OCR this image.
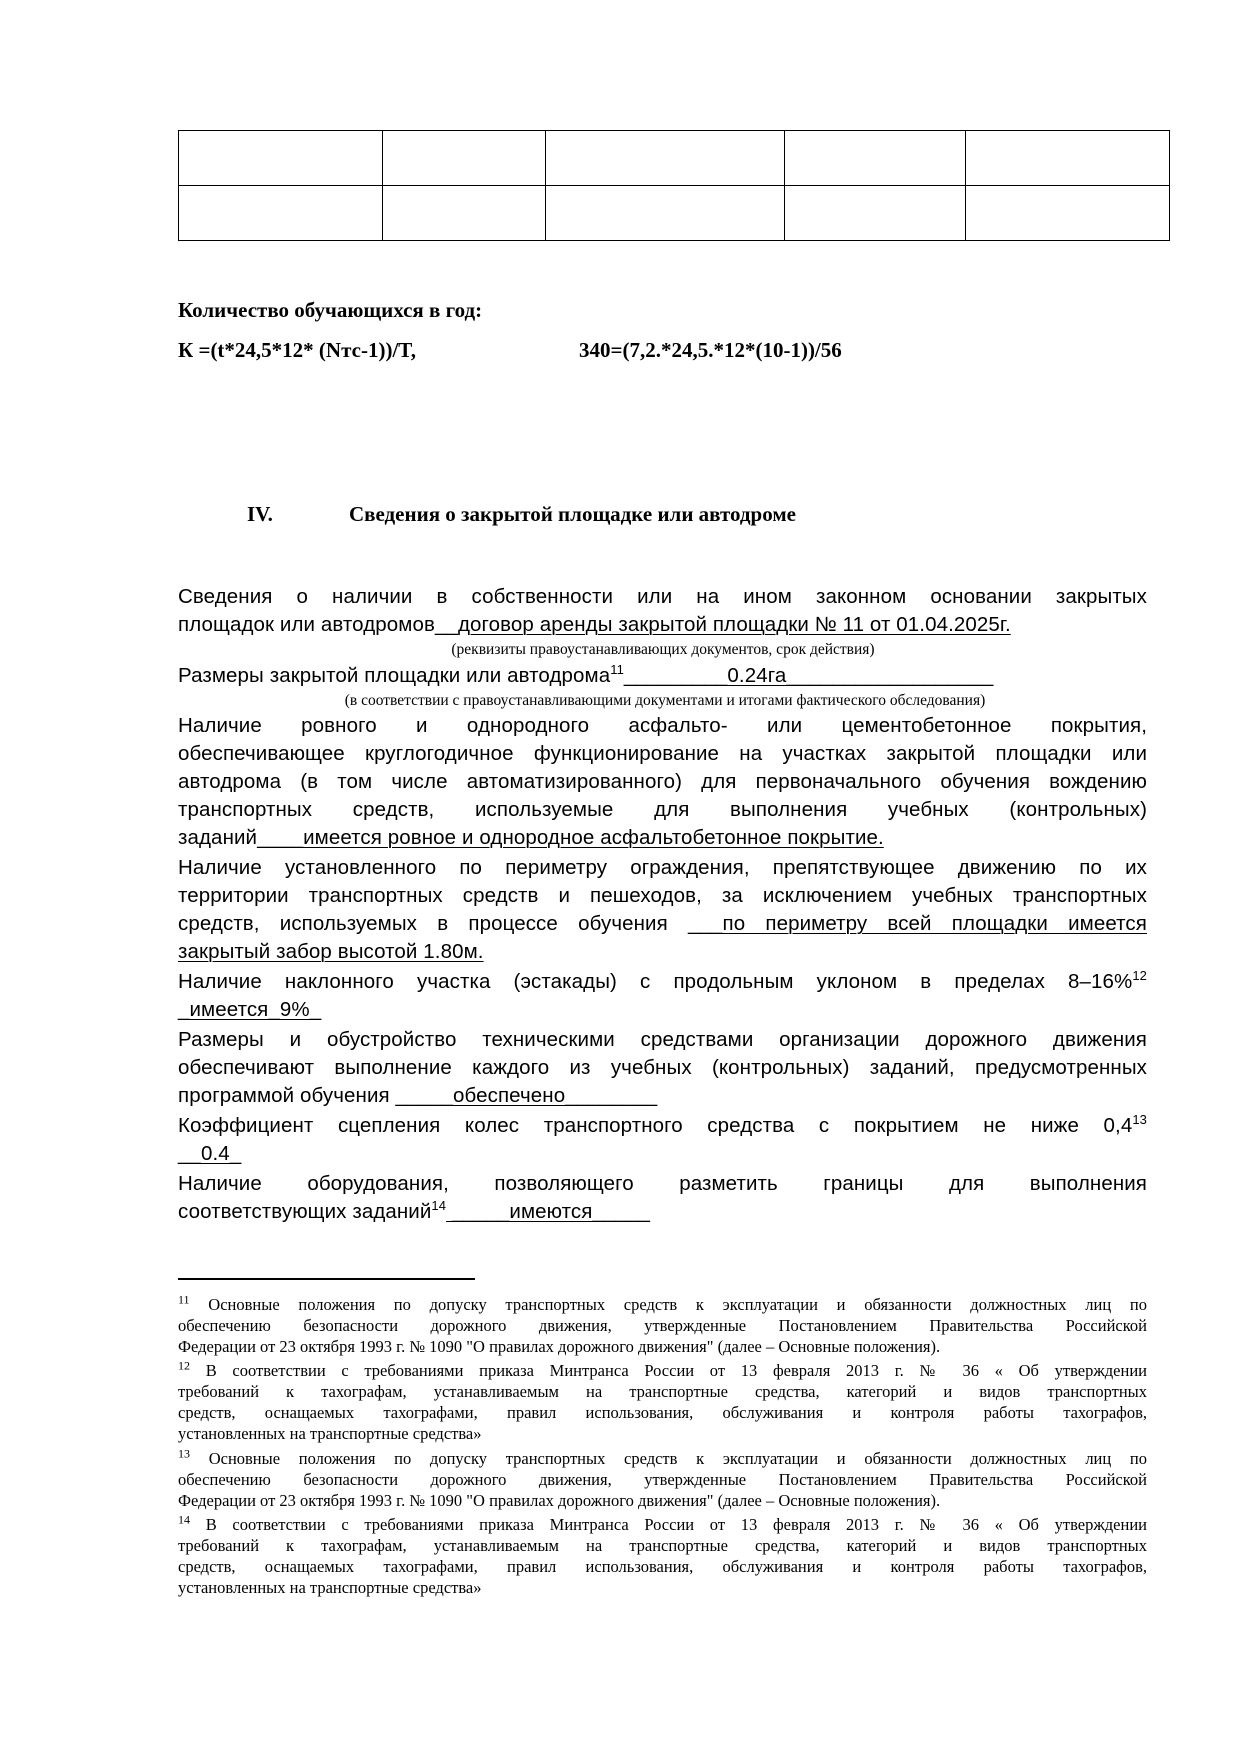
Количество обучающихся в год:
К =(t*24,5*12* (Nтс-1))/T,	340=(7,2.*24,5.*12*(10-1))/56
IV.	Сведения о закрытой площадке или автодроме
Сведения о наличии в собственности или на ином законном основании закрытых
площадок или автодромов__договор аренды закрытой площадки № 11 от 01.04.2025г.
(реквизиты правоустанавливающих документов, срок действия)
Размеры закрытой площадки или автодрома$^{11}$_________0.24га__________________
(в соответствии с правоустанавливающими документами и итогами фактического обследования)
Наличие ровного и однородного асфальто- или цементобетонное покрытия,
обеспечивающее круглогодичное функционирование на участках закрытой площадки или
автодрома (в том числе автоматизированного) для первоначального обучения вождению
транспортных средств, используемые для выполнения учебных (контрольных)
заданий____имеется ровное и однородное асфальтобетонное покрытие.
Наличие установленного по периметру ограждения, препятствующее движению по их
территории транспортных средств и пешеходов, за исключением учебных транспортных
средств, используемых в процессе обучения ___по периметру всей площадки имеется
закрытый забор высотой 1.80м.
Наличие наклонного участка (эстакады) с продольным уклоном в пределах 8–16%$^{12}$
_имеется_9%_
Размеры и обустройство техническими средствами организации дорожного движения
обеспечивают выполнение каждого из учебных (контрольных) заданий, предусмотренных
программой обучения _____обеспечено________
Коэффициент сцепления колес транспортного средства с покрытием не ниже $0,4^{13}$
__0.4_
Наличие оборудования, позволяющего разметить границы для выполнения
соответствующих заданий$^{14}$ _____имеются_____
$^{11}$ Основные положения по допуску транспортных средств к эксплуатации и обязанности должностных лиц по
обеспечению безопасности дорожного движения, утвержденные Постановлением Правительства Российской
Федерации от 23 октября 1993 г. № 1090 "О правилах дорожного движения" (далее – Основные положения).
$^{12}$ В соответствии с требованиями приказа Минтранса России от 13 февраля 2013 г. № 36 « Об утверждении
требований к тахографам, устанавливаемым на транспортные средства, категорий и видов транспортных
средств, оснащаемых тахографами, правил использования, обслуживания и контроля работы тахографов,
установленных на транспортные средства»
$^{13}$ Основные положения по допуску транспортных средств к эксплуатации и обязанности должностных лиц по
обеспечению безопасности дорожного движения, утвержденные Постановлением Правительства Российской
Федерации от 23 октября 1993 г. № 1090 "О правилах дорожного движения" (далее – Основные положения).
$^{14}$ В соответствии с требованиями приказа Минтранса России от 13 февраля 2013 г. № 36 « Об утверждении
требований к тахографам, устанавливаемым на транспортные средства, категорий и видов транспортных
средств, оснащаемых тахографами, правил использования, обслуживания и контроля работы тахографов,
установленных на транспортные средства»
